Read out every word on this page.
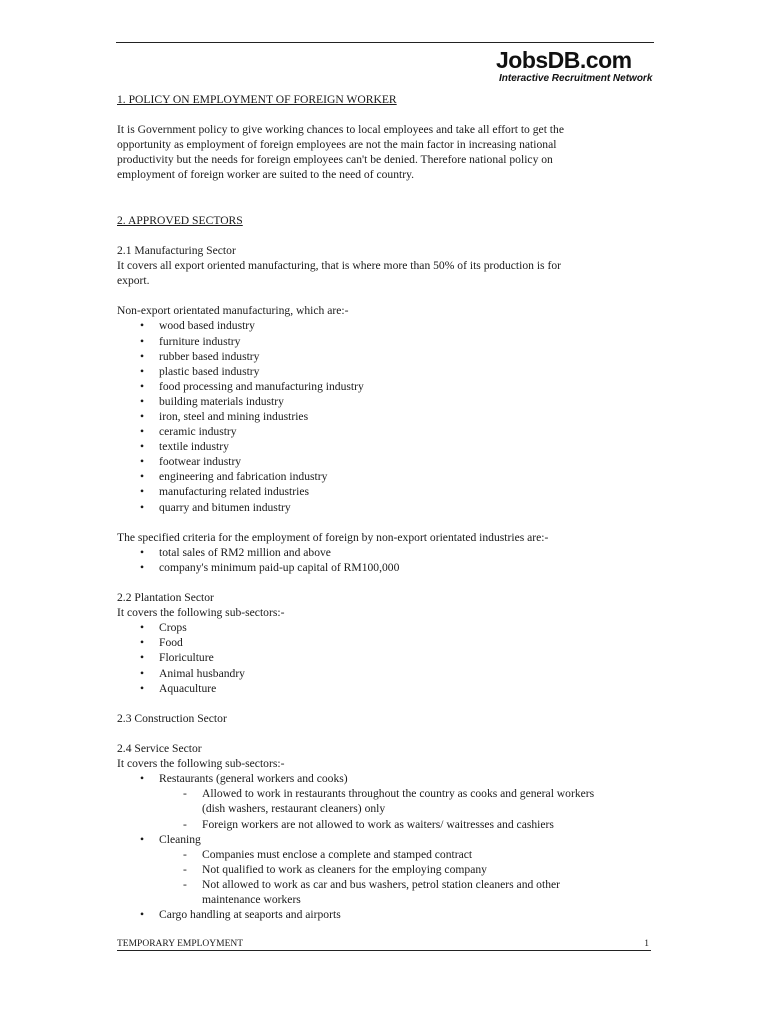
JobsDB.com
Interactive Recruitment Network

1. POLICY ON EMPLOYMENT OF FOREIGN WORKER

It is Government policy to give working chances to local employees and take all effort to get the

opportunity as employment of foreign employees are not the main factor in increasing national

productivity but the needs for foreign employees can't be denied. Therefore national policy on

employment of foreign worker are suited to the need of country.

2. APPROVED SECTORS

2.1 Manufacturing Sector

It covers all export oriented manufacturing, that is where more than 50% of its production is for

export.

Non-export orientated manufacturing, which are:-

• wood based industry
• furniture industry
• rubber based industry
• plastic based industry
• food processing and manufacturing industry
• building materials industry
• iron, steel and mining industries
• ceramic industry
• textile industry
• footwear industry
• engineering and fabrication industry
• manufacturing related industries
• quarry and bitumen industry

The specified criteria for the employment of foreign by non-export orientated industries are:-

• total sales of RM2 million and above
• company's minimum paid-up capital of RM100,000

2.2 Plantation Sector

It covers the following sub-sectors:-

• Crops
• Food
• Floriculture
• Animal husbandry
• Aquaculture

2.3 Construction Sector

2.4 Service Sector

It covers the following sub-sectors:-

• Restaurants (general workers and cooks)
- Allowed to work in restaurants throughout the country as cooks and general workers
(dish washers, restaurant cleaners) only
- Foreign workers are not allowed to work as waiters/ waitresses and cashiers
• Cleaning
- Companies must enclose a complete and stamped contract
- Not qualified to work as cleaners for the employing company
- Not allowed to work as car and bus washers, petrol station cleaners and other
maintenance workers
• Cargo handling at seaports and airports
TEMPORARY EMPLOYMENT	1
